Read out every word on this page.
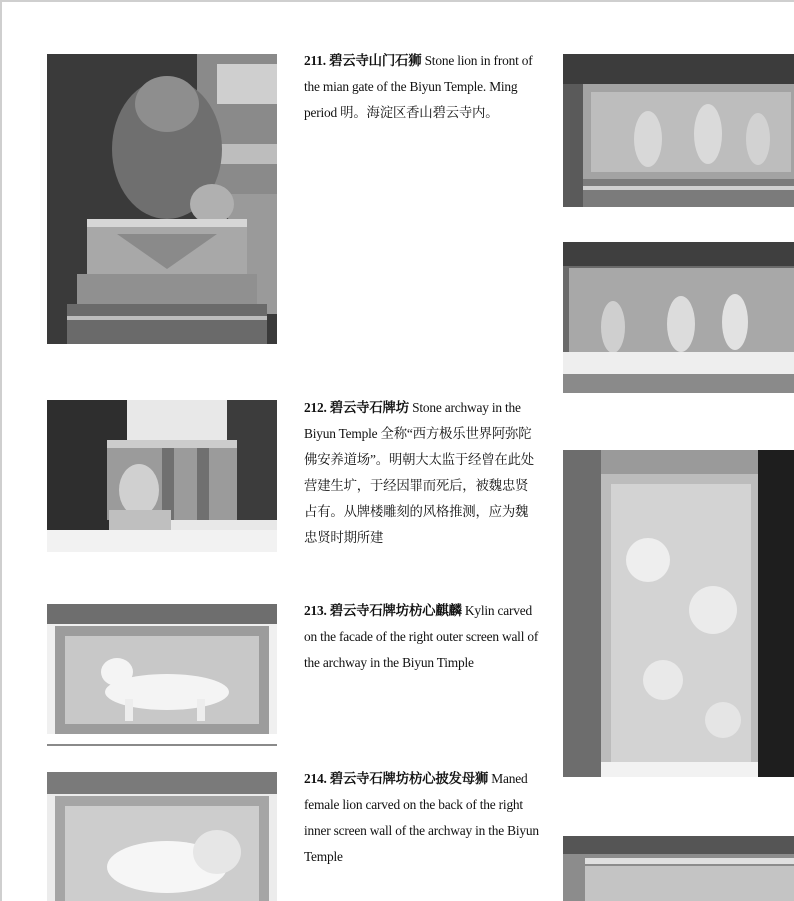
211. 碧云寺山门石狮 Stone lion in front of the mian gate of the Biyun Temple. Ming period 明。海淀区香山碧云寺内。
212. 碧云寺石牌坊 Stone archway in the Biyun Temple 全称“西方极乐世界阿弥陀佛安养道场”。明朝大太监于经曾在此处营建生圹，于经因罪而死后，被魏忠贤占有。从牌楼雕刻的风格推测，应为魏忠贤时期所建
213. 碧云寺石牌坊枋心麒麟 Kylin carved on the facade of the right outer screen wall of the archway in the Biyun Timple
214. 碧云寺石牌坊枋心披发母狮 Maned female lion carved on the back of the right inner screen wall of the archway in the Biyun Temple
